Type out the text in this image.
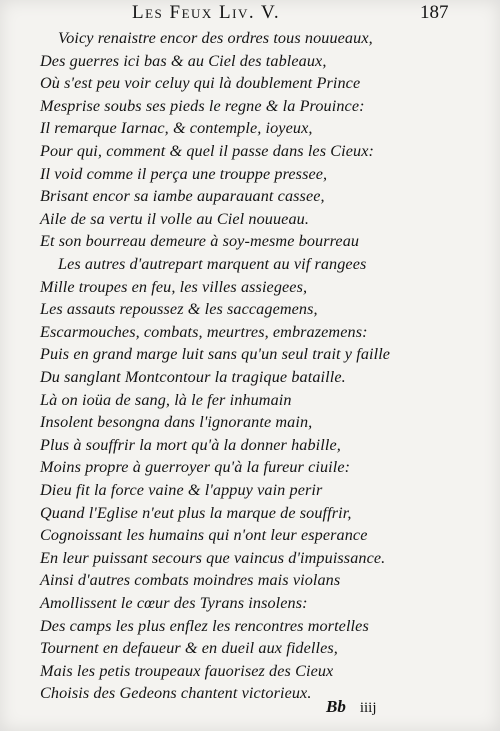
Les Feux Liv. V.	187
Voicy renaistre encor des ordres tous nouueaux,
Des guerres ici bas & au Ciel des tableaux,
Où s'est peu voir celuy qui là doublement Prince
Mesprise soubs ses pieds le regne & la Prouince:
Il remarque Iarnac, & contemple, ioyeux,
Pour qui, comment & quel il passe dans les Cieux:
Il void comme il perça une trouppe pressee,
Brisant encor sa iambe auparauant cassee,
Aile de sa vertu il volle au Ciel nouueau.
Et son bourreau demeure à soy-mesme bourreau
Les autres d'autrepart marquent au vif rangees
Mille troupes en feu, les villes assiegees,
Les assauts repoussez & les saccagemens,
Escarmouches, combats, meurtres, embrazemens:
Puis en grand marge luit sans qu'un seul trait y faille
Du sanglant Montcontour la tragique bataille.
Là on ioüa de sang, là le fer inhumain
Insolent besongna dans l'ignorante main,
Plus à souffrir la mort qu'à la donner habille,
Moins propre à guerroyer qu'à la fureur ciuile:
Dieu fit la force vaine & l'appuy vain perir
Quand l'Eglise n'eut plus la marque de souffrir,
Cognoissant les humains qui n'ont leur esperance
En leur puissant secours que vaincus d'impuissance.
Ainsi d'autres combats moindres mais violans
Amollissent le cœur des Tyrans insolens:
Des camps les plus enflez les rencontres mortelles
Tournent en defaueur & en dueil aux fidelles,
Mais les petis troupeaux fauorisez des Cieux
Choisis des Gedeons chantent victorieux.
Bb iiij
